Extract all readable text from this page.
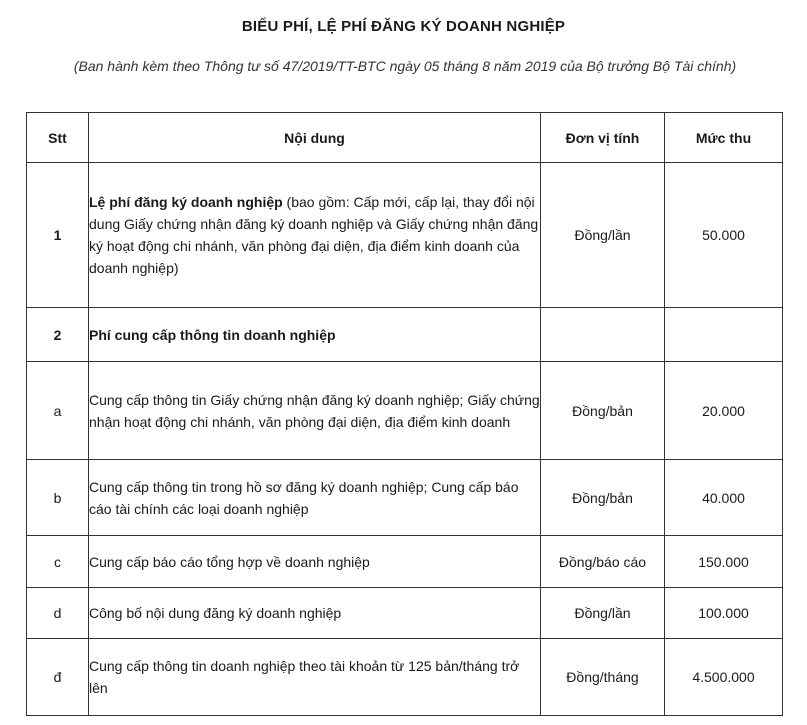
BIỂU PHÍ, LỆ PHÍ ĐĂNG KÝ DOANH NGHIỆP
(Ban hành kèm theo Thông tư số 47/2019/TT-BTC ngày 05 tháng 8 năm 2019 của Bộ trưởng Bộ Tài chính)
Stt	Nội dung	Đơn vị tính	Mức thu
1	Lệ phí đăng ký doanh nghiệp (bao gồm: Cấp mới, cấp lại, thay đổi nội dung Giấy chứng nhận đăng ký doanh nghiệp và Giấy chứng nhận đăng ký hoạt động chi nhánh, văn phòng đại diện, địa điểm kinh doanh của doanh nghiệp)	Đồng/lần	50.000
2	Phí cung cấp thông tin doanh nghiệp		
a	Cung cấp thông tin Giấy chứng nhận đăng ký doanh nghiệp; Giấy chứng nhận hoạt động chi nhánh, văn phòng đại diện, địa điểm kinh doanh	Đồng/bản	20.000
b	Cung cấp thông tin trong hồ sơ đăng ký doanh nghiệp; Cung cấp báo cáo tài chính các loại doanh nghiệp	Đồng/bản	40.000
c	Cung cấp báo cáo tổng hợp về doanh nghiệp	Đồng/báo cáo	150.000
d	Công bố nội dung đăng ký doanh nghiệp	Đồng/lần	100.000
đ	Cung cấp thông tin doanh nghiệp theo tài khoản từ 125 bản/tháng trở lên	Đồng/tháng	4.500.000
